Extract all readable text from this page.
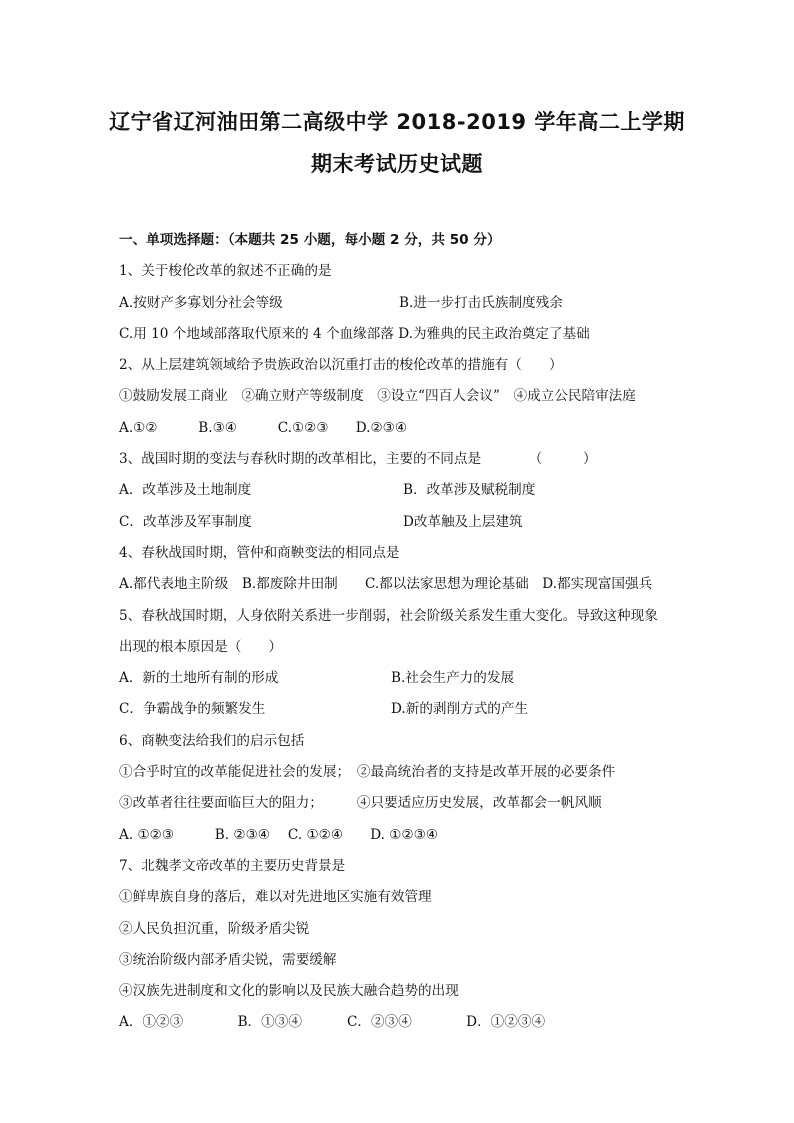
辽宁省辽河油田第二高级中学 2018-2019 学年高二上学期
期末考试历史试题
一、单项选择题：（本题共 25 小题，每小题 2 分，共 50 分）
1、关于梭伦改革的叙述不正确的是
A.按财产多寡划分社会等级	B.进一步打击氏族制度残余
C.用 10 个地域部落取代原来的 4 个血缘部落 D.为雅典的民主政治奠定了基础
2、从上层建筑领域给予贵族政治以沉重打击的梭伦改革的措施有（　　）
①鼓励发展工商业　②确立财产等级制度　③设立“四百人会议”　④成立公民陪审法庭
A.①②　　　B.③④　　　C.①②③　　D.②③④
3、战国时期的变法与春秋时期的改革相比，主要的不同点是　　　　（　　　）
A．改革涉及土地制度	B．改革涉及赋税制度
C．改革涉及军事制度	D改革触及上层建筑
4、春秋战国时期，管仲和商鞅变法的相同点是
A.都代表地主阶级　B.都废除井田制　　C.都以法家思想为理论基础　D.都实现富国强兵
5、春秋战国时期，人身依附关系进一步削弱，社会阶级关系发生重大变化。导致这种现象
出现的根本原因是（　　）
A．新的土地所有制的形成	B.社会生产力的发展
C．争霸战争的频繁发生	D.新的剥削方式的产生
6、商鞅变法给我们的启示包括
①合乎时宜的改革能促进社会的发展；　②最高统治者的支持是改革开展的必要条件
③改革者往往要面临巨大的阻力；　　　④只要适应历史发展，改革都会一帆风顺
A. ①②③　　　B. ②③④　 C. ①②④　　D. ①②③④
7、北魏孝文帝改革的主要历史背景是
①鲜卑族自身的落后，难以对先进地区实施有效管理
②人民负担沉重，阶级矛盾尖锐
③统治阶级内部矛盾尖锐，需要缓解
④汉族先进制度和文化的影响以及民族大融合趋势的出现
A．①②③　　　　B．①③④　　　 C．②③④　　　　D．①②③④
